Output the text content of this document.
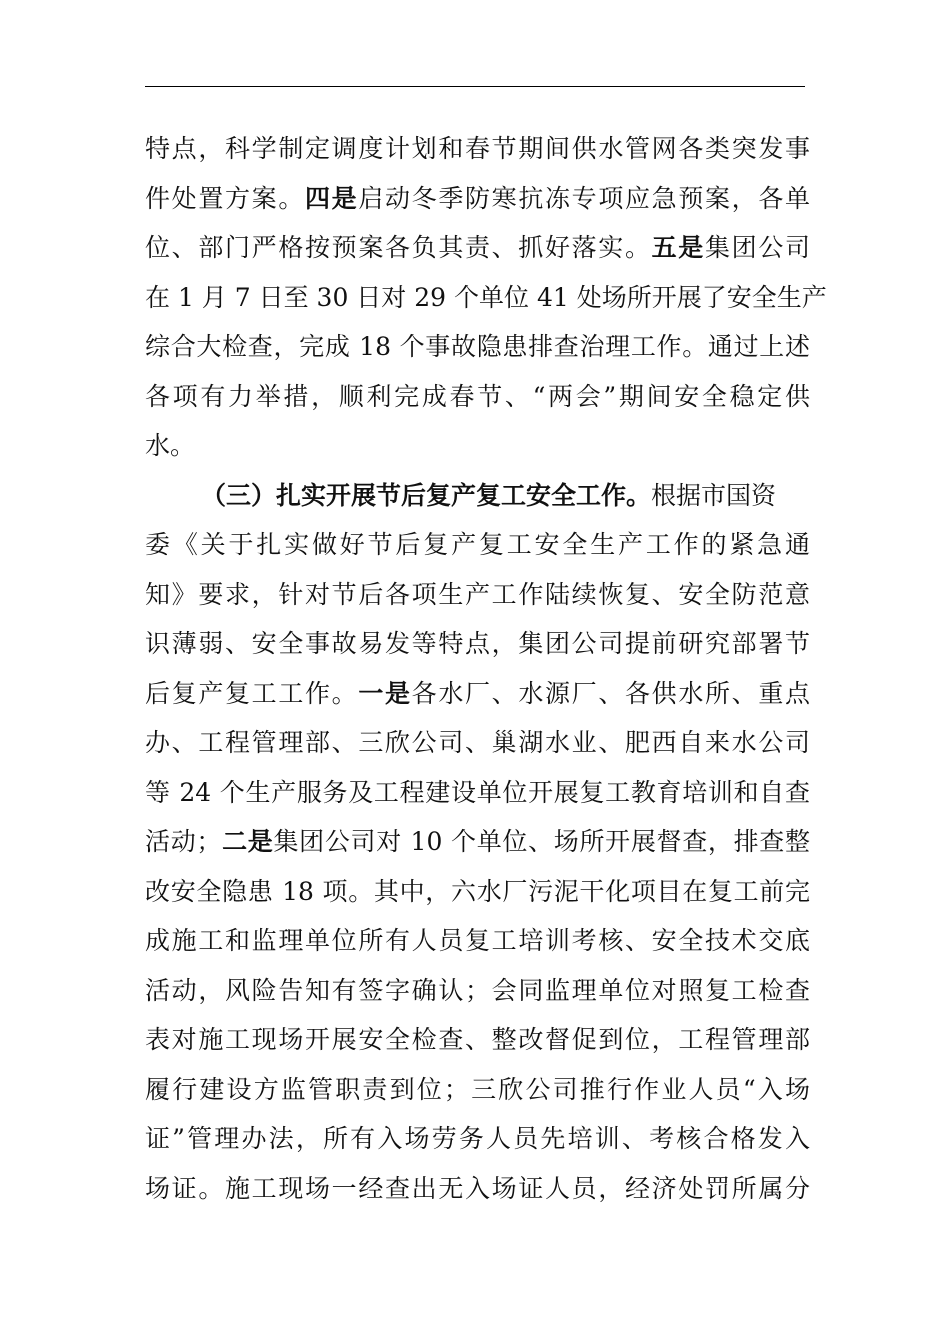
特点，科学制定调度计划和春节期间供水管网各类突发事
件处置方案。四是启动冬季防寒抗冻专项应急预案，各单
位、部门严格按预案各负其责、抓好落实。五是集团公司
在 1 月 7 日至 30 日对 29 个单位 41 处场所开展了安全生产
综合大检查，完成 18 个事故隐患排查治理工作。通过上述
各项有力举措，顺利完成春节、“两会”期间安全稳定供
水。
（三）扎实开展节后复产复工安全工作。根据市国资
委《关于扎实做好节后复产复工安全生产工作的紧急通
知》要求，针对节后各项生产工作陆续恢复、安全防范意
识薄弱、安全事故易发等特点，集团公司提前研究部署节
后复产复工工作。一是各水厂、水源厂、各供水所、重点
办、工程管理部、三欣公司、巢湖水业、肥西自来水公司
等 24 个生产服务及工程建设单位开展复工教育培训和自查
活动；二是集团公司对 10 个单位、场所开展督查，排查整
改安全隐患 18 项。其中，六水厂污泥干化项目在复工前完
成施工和监理单位所有人员复工培训考核、安全技术交底
活动，风险告知有签字确认；会同监理单位对照复工检查
表对施工现场开展安全检查、整改督促到位，工程管理部
履行建设方监管职责到位；三欣公司推行作业人员“入场
证”管理办法，所有入场劳务人员先培训、考核合格发入
场证。施工现场一经查出无入场证人员，经济处罚所属分
